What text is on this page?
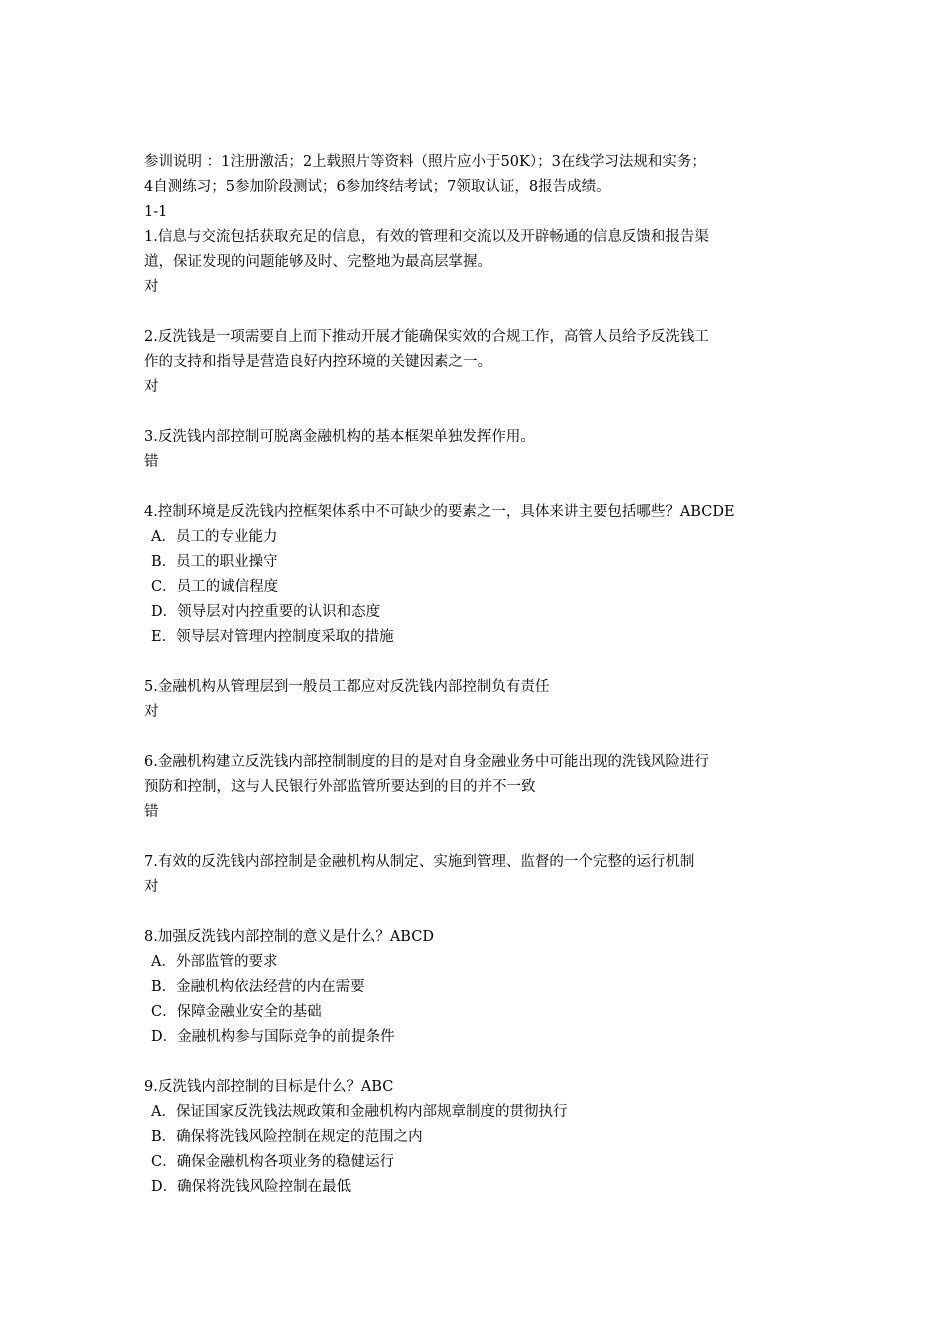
参训说明 ：1注册激活；2上载照片等资料（照片应小于50K）；3在线学习法规和实务；
4自测练习；5参加阶段测试；6参加终结考试；7领取认证，8报告成绩。
1-1
1.信息与交流包括获取充足的信息，有效的管理和交流以及开辟畅通的信息反馈和报告渠
道，保证发现的问题能够及时、完整地为最高层掌握。
对
2.反洗钱是一项需要自上而下推动开展才能确保实效的合规工作，高管人员给予反洗钱工
作的支持和指导是营造良好内控环境的关键因素之一。
对
3.反洗钱内部控制可脱离金融机构的基本框架单独发挥作用。
错
4.控制环境是反洗钱内控框架体系中不可缺少的要素之一，具体来讲主要包括哪些？ABCDE
A．员工的专业能力
B．员工的职业操守
C．员工的诚信程度
D．领导层对内控重要的认识和态度
E．领导层对管理内控制度采取的措施
5.金融机构从管理层到一般员工都应对反洗钱内部控制负有责任
对
6.金融机构建立反洗钱内部控制制度的目的是对自身金融业务中可能出现的洗钱风险进行
预防和控制，这与人民银行外部监管所要达到的目的并不一致
错
7.有效的反洗钱内部控制是金融机构从制定、实施到管理、监督的一个完整的运行机制
对
8.加强反洗钱内部控制的意义是什么？ABCD
A．外部监管的要求
B．金融机构依法经营的内在需要
C．保障金融业安全的基础
D．金融机构参与国际竞争的前提条件
9.反洗钱内部控制的目标是什么？ABC
A．保证国家反洗钱法规政策和金融机构内部规章制度的贯彻执行
B．确保将洗钱风险控制在规定的范围之内
C．确保金融机构各项业务的稳健运行
D．确保将洗钱风险控制在最低
